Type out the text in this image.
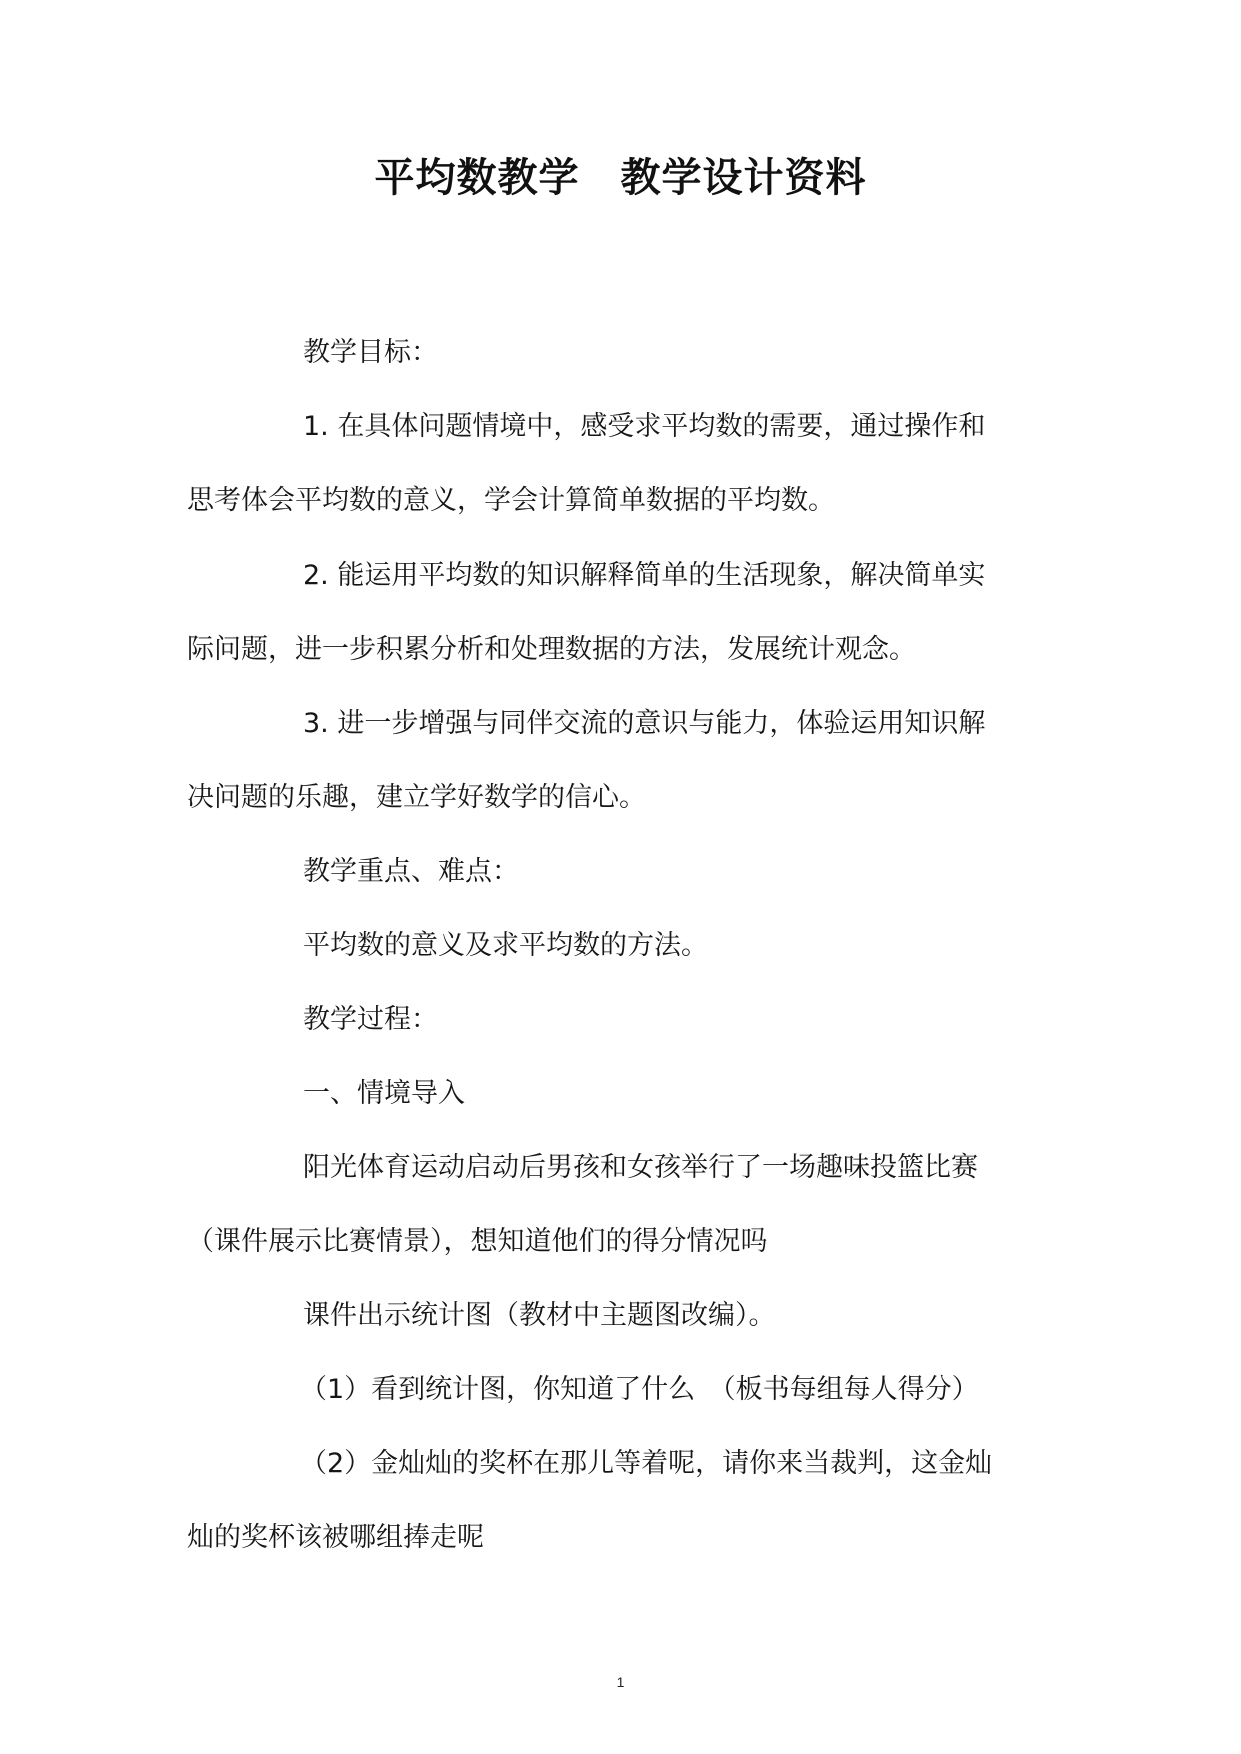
平均数教学　教学设计资料
教学目标：
1. 在具体问题情境中，感受求平均数的需要，通过操作和
思考体会平均数的意义，学会计算简单数据的平均数。
2. 能运用平均数的知识解释简单的生活现象，解决简单实
际问题，进一步积累分析和处理数据的方法，发展统计观念。
3. 进一步增强与同伴交流的意识与能力，体验运用知识解
决问题的乐趣，建立学好数学的信心。
教学重点、难点：
平均数的意义及求平均数的方法。
教学过程：
一、情境导入
阳光体育运动启动后男孩和女孩举行了一场趣味投篮比赛
（课件展示比赛情景），想知道他们的得分情况吗
课件出示统计图（教材中主题图改编）。
（1）看到统计图，你知道了什么　（板书每组每人得分）
（2）金灿灿的奖杯在那儿等着呢，请你来当裁判，这金灿
灿的奖杯该被哪组捧走呢
1
